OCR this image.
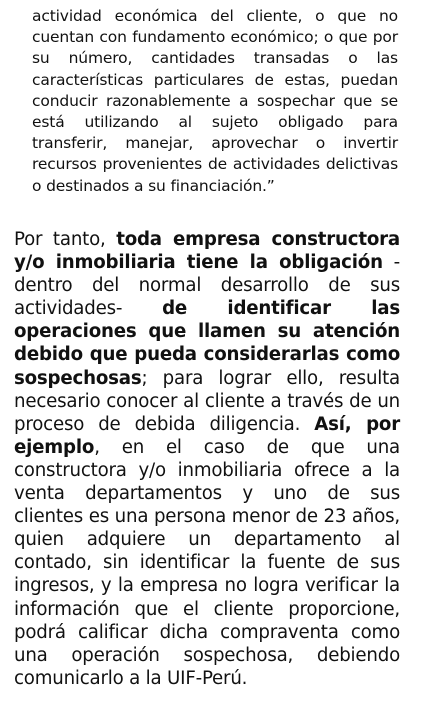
actividad económica del cliente, o que no cuentan con fundamento económico; o que por su número, cantidades transadas o las características particulares de estas, puedan conducir razonablemente a sospechar que se está utilizando al sujeto obligado para transferir, manejar, aprovechar o invertir recursos provenientes de actividades delictivas o destinados a su financiación.”

Por tanto, toda empresa constructora y/o inmobiliaria tiene la obligación -dentro del normal desarrollo de sus actividades- de identificar las operaciones que llamen su atención debido que pueda considerarlas como sospechosas; para lograr ello, resulta necesario conocer al cliente a través de un proceso de debida diligencia. Así, por ejemplo, en el caso de que una constructora y/o inmobiliaria ofrece a la venta departamentos y uno de sus clientes es una persona menor de 23 años, quien adquiere un departamento al contado, sin identificar la fuente de sus ingresos, y la empresa no logra verificar la información que el cliente proporcione, podrá calificar dicha compraventa como una operación sospechosa, debiendo comunicarlo a la UIF-Perú.
